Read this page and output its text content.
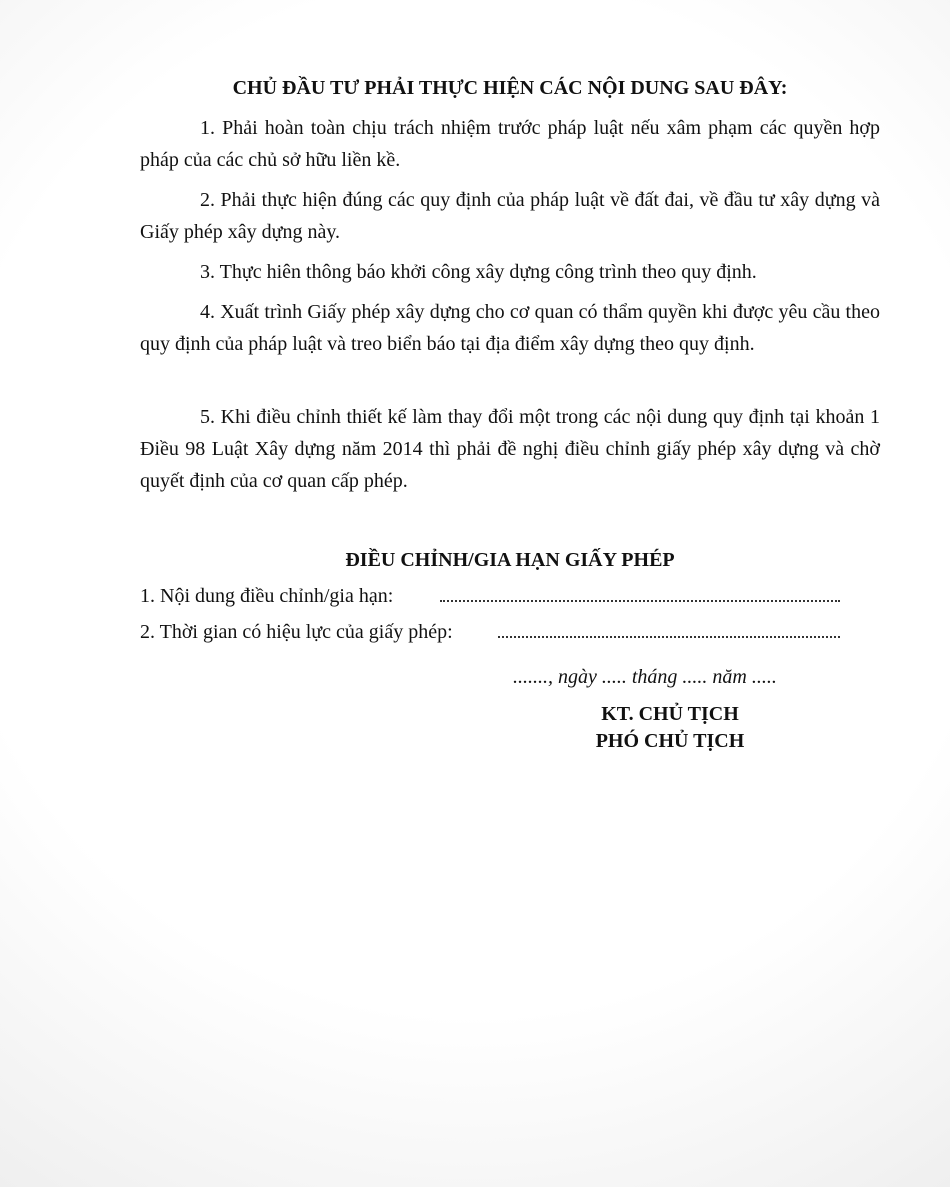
CHỦ ĐẦU TƯ PHẢI THỰC HIỆN CÁC NỘI DUNG SAU ĐÂY:

1. Phải hoàn toàn chịu trách nhiệm trước pháp luật nếu xâm phạm các quyền hợp pháp của các chủ sở hữu liền kề.

2. Phải thực hiện đúng các quy định của pháp luật về đất đai, về đầu tư xây dựng và Giấy phép xây dựng này.

3. Thực hiên thông báo khởi công xây dựng công trình theo quy định.

4. Xuất trình Giấy phép xây dựng cho cơ quan có thẩm quyền khi được yêu cầu theo quy định của pháp luật và treo biển báo tại địa điểm xây dựng theo quy định.

5. Khi điều chỉnh thiết kế làm thay đổi một trong các nội dung quy định tại khoản 1 Điều 98 Luật Xây dựng năm 2014 thì phải đề nghị điều chỉnh giấy phép xây dựng và chờ quyết định của cơ quan cấp phép.

ĐIỀU CHỈNH/GIA HẠN GIẤY PHÉP

1. Nội dung điều chỉnh/gia hạn:

2. Thời gian có hiệu lực của giấy phép:

......., ngày ..... tháng ..... năm .....

KT. CHỦ TỊCH

PHÓ CHỦ TỊCH
